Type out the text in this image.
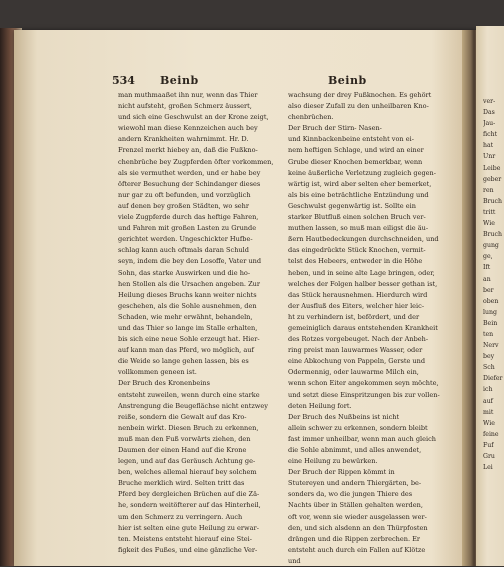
534 Beinb	Beinb
man muthmaaßet ihn nur, wenn das Thier
nicht aufsteht, großen Schmerz äussert,
und sich eine Geschwulst an der Krone zeigt,
wiewohl man diese Kennzeichen auch bey
andern Krankheiten wahrnimmt. Hr. D.
Frenzel merkt hiebey an, daß die Fußkno-
chenbrüche bey Zugpferden öfter vorkommen,
als sie vermuthet werden, und er habe bey
öfterer Besuchung der Schindanger dieses
nur gar zu oft befunden, und vorzüglich
auf denen bey großen Städten, wo sehr
viele Zugpferde durch das heftige Fahren,
und Fahren mit großen Lasten zu Grunde
gerichtet werden. Ungeschickter Hufbe-
schlag kann auch oftmals daran Schuld
seyn, indem die bey den Losoffe, Vater und
Sohn, das starke Auswirken und die ho-
hen Stollen als die Ursachen angeben. Zur
Heilung dieses Bruchs kann weiter nichts
geschehen, als die Sohle ausnehmen, den
Schaden, wie mehr erwähnt, behandeln,
und das Thier so lange im Stalle erhalten,
bis sich eine neue Sohle erzeugt hat. Hier-
auf kann man das Pferd, wo möglich, auf
die Weide so lange gehen lassen, bis es
vollkommen geneen ist.
Der Bruch des Kronenbeins
entsteht zuweilen, wenn durch eine starke
Anstrengung die Beugeflächse nicht entzwey
reiße, sondern die Gewalt auf das Kro-
nenbein wirkt. Diesen Bruch zu erkennen,
muß man den Fuß vorwärts ziehen, den
Daumen der einen Hand auf die Krone
legen, und auf das Geräusch Achtung ge-
ben, welches allemal hierauf bey solchem
Bruche merklich wird. Selten tritt das
Pferd bey dergleichen Brüchen auf die Zä-
he, sondern weitöfterer auf das Hinterheil,
um den Schmerz zu verringern. Auch
hier ist selten eine gute Heilung zu erwar-
ten. Meistens entsteht hierauf eine Stei-
figkeit des Fußes, und eine gänzliche Ver-
wachsung der drey Fußknochen. Es gehört
also dieser Zufall zu den unheilbaren Kno-
chenbrüchen.
Der Bruch der Stirn- Nasen-
und Kinnbackenbeine entsteht von ei-
nem heftigen Schlage, und wird an einer
Grube dieser Knochen bemerkbar, wenn
keine äußerliche Verletzung zugleich gegen-
wärtig ist, wird aber selten eher bemerket,
als bis eine beträchtliche Entzündung und
Geschwulst gegenwärtig ist. Sollte ein
starker Blutfluß einen solchen Bruch ver-
muthen lassen, so muß man eiligst die äu-
ßern Hautbedeckungen durchschneiden, und
das eingedrückte Stück Knochen, vermit-
telst des Hebeers, entweder in die Höhe
heben, und in seine alte Lage bringen, oder,
welches der Folgen halber besser gethan ist,
das Stück herausnehmen. Hierdurch wird
der Ausfluß des Eiters, welcher hier leic-
ht zu verhindern ist, befördert, und der
gemeiniglich daraus entstehenden Krankheit
des Rotzes vorgebeuget. Nach der Anbeh-
ring preist man lauwarmes Wasser, oder
eine Abkochung von Pappeln, Gerste und
Odermennig, oder lauwarme Milch ein,
wenn schon Eiter angekommen seyn möchte,
und setzt diese Einspritzungen bis zur vollen-
deten Heilung fort.
Der Bruch des Nußbeins ist nicht
allein schwer zu erkennen, sondern bleibt
fast immer unheilbar, wenn man auch gleich
die Sohle abnimmt, und alles anwendet,
eine Heilung zu bewürken.
Der Bruch der Rippen kömmt in
Stutereyen und andern Thiergärten, be-
sonders da, wo die jungen Thiere des
Nachts über in Ställen gehalten werden,
oft vor, wenn sie wieder ausgelassen wer-
den, und sich alsdenn an den Thürpfosten
drängen und die Rippen zerbrechen. Er
entsteht auch durch ein Fallen auf Klötze
und
ver-
Das
Jau-
ficht
hat
Unr
Leibe
geber
ren
Bruch
tritt
Wie
Bruch
gung
ge,
Ift
an
ber
oben
lung
Bein
ten
Nerv
bey
Sch
Diefer
ich
auf
mit
Wie
feine
Fuf
Gru
Lei
